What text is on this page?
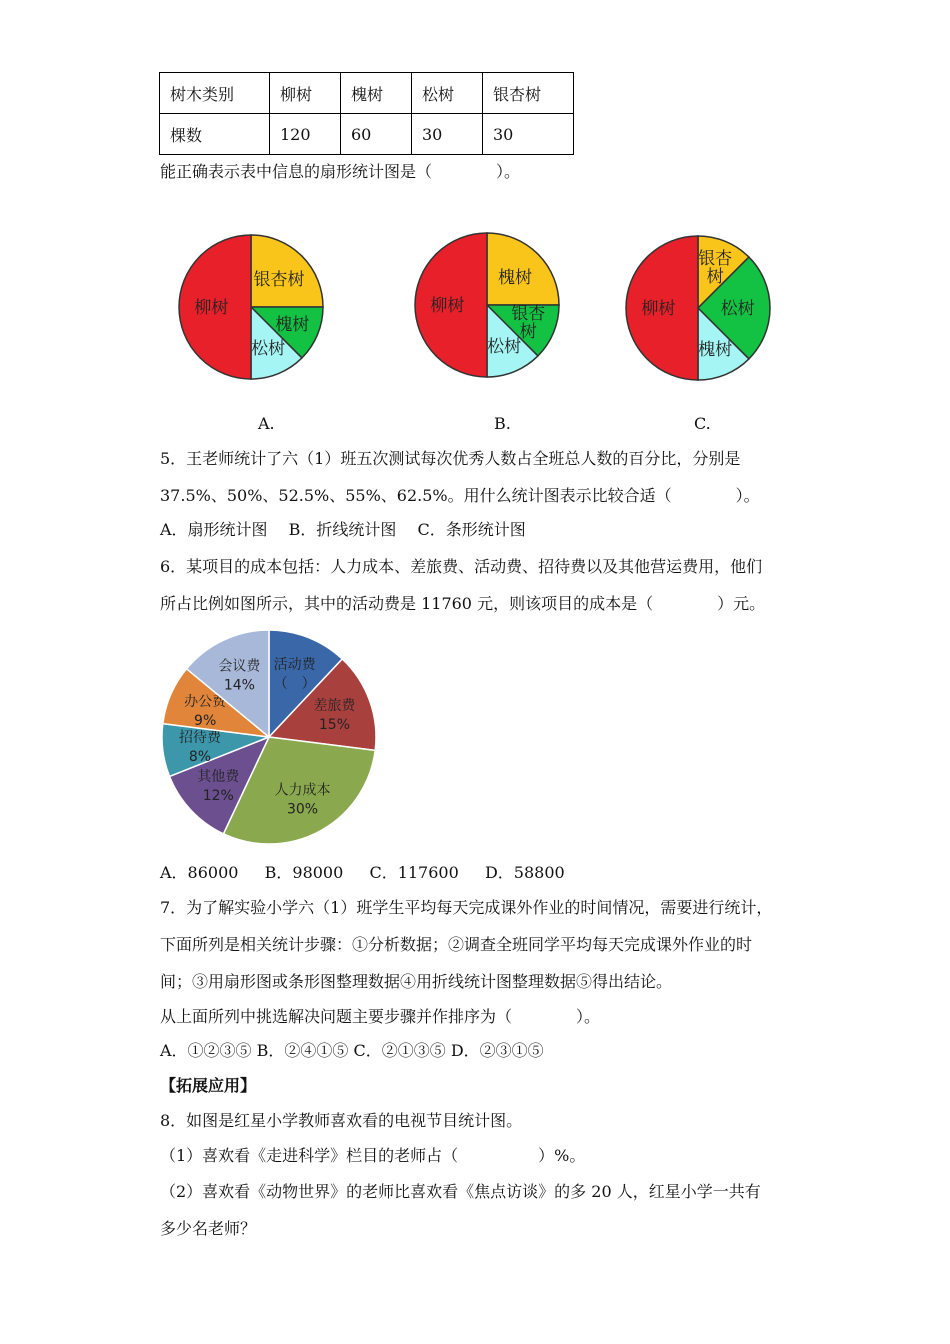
树木类别	柳树	槐树	松树	银杏树
棵数	120	60	30	30
能正确表示表中信息的扇形统计图是（　　　　）。
银杏树
槐树
松树
柳树
槐树
银杏
树
松树
柳树
银杏
树
松树
槐树
柳树
A.	B.	C.
5．王老师统计了六（1）班五次测试每次优秀人数占全班总人数的百分比，分别是
37.5%、50%、52.5%、55%、62.5%。用什么统计图表示比较合适（　　　　）。
A．扇形统计图　 B．折线统计图　 C．条形统计图
6．某项目的成本包括：人力成本、差旅费、活动费、招待费以及其他营运费用，他们
所占比例如图所示，其中的活动费是 11760 元，则该项目的成本是（　　　　）元。
活动费
（　）
差旅费
15%
人力成本
30%
其他费
12%
招待费
8%
办公费
9%
会议费
14%
A．86000　  B．98000　  C．117600　  D．58800
7．为了解实验小学六（1）班学生平均每天完成课外作业的时间情况，需要进行统计，
下面所列是相关统计步骤：①分析数据；②调查全班同学平均每天完成课外作业的时
间；③用扇形图或条形图整理数据④用折线统计图整理数据⑤得出结论。
从上面所列中挑选解决问题主要步骤并作排序为（　　　　）。
A．①②③⑤ B．②④①⑤ C．②①③⑤ D．②③①⑤
【拓展应用】
8．如图是红星小学教师喜欢看的电视节目统计图。
（1）喜欢看《走进科学》栏目的老师占（　　　　　）%。
（2）喜欢看《动物世界》的老师比喜欢看《焦点访谈》的多 20 人，红星小学一共有
多少名老师？
